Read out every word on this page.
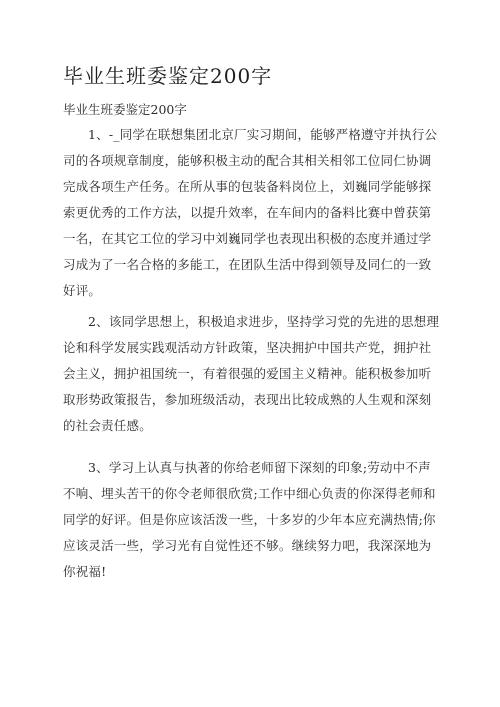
毕业生班委鉴定200字

毕业生班委鉴定200字

1、-_同学在联想集团北京厂实习期间，能够严格遵守并执行公
司的各项规章制度，能够积极主动的配合其相关相邻工位同仁协调
完成各项生产任务。在所从事的包装备料岗位上，刘巍同学能够探
索更优秀的工作方法，以提升效率，在车间内的备料比赛中曾获第
一名，在其它工位的学习中刘巍同学也表现出积极的态度并通过学
习成为了一名合格的多能工，在团队生活中得到领导及同仁的一致
好评。
2、该同学思想上，积极追求进步，坚持学习党的先进的思想理
论和科学发展实践观活动方针政策，坚决拥护中国共产党，拥护社
会主义，拥护祖国统一，有着很强的爱国主义精神。能积极参加听
取形势政策报告，参加班级活动，表现出比较成熟的人生观和深刻
的社会责任感。
3、学习上认真与执著的你给老师留下深刻的印象;劳动中不声
不响、埋头苦干的你令老师很欣赏;工作中细心负责的你深得老师和
同学的好评。但是你应该活泼一些，十多岁的少年本应充满热情;你
应该灵活一些，学习光有自觉性还不够。继续努力吧，我深深地为
你祝福!
